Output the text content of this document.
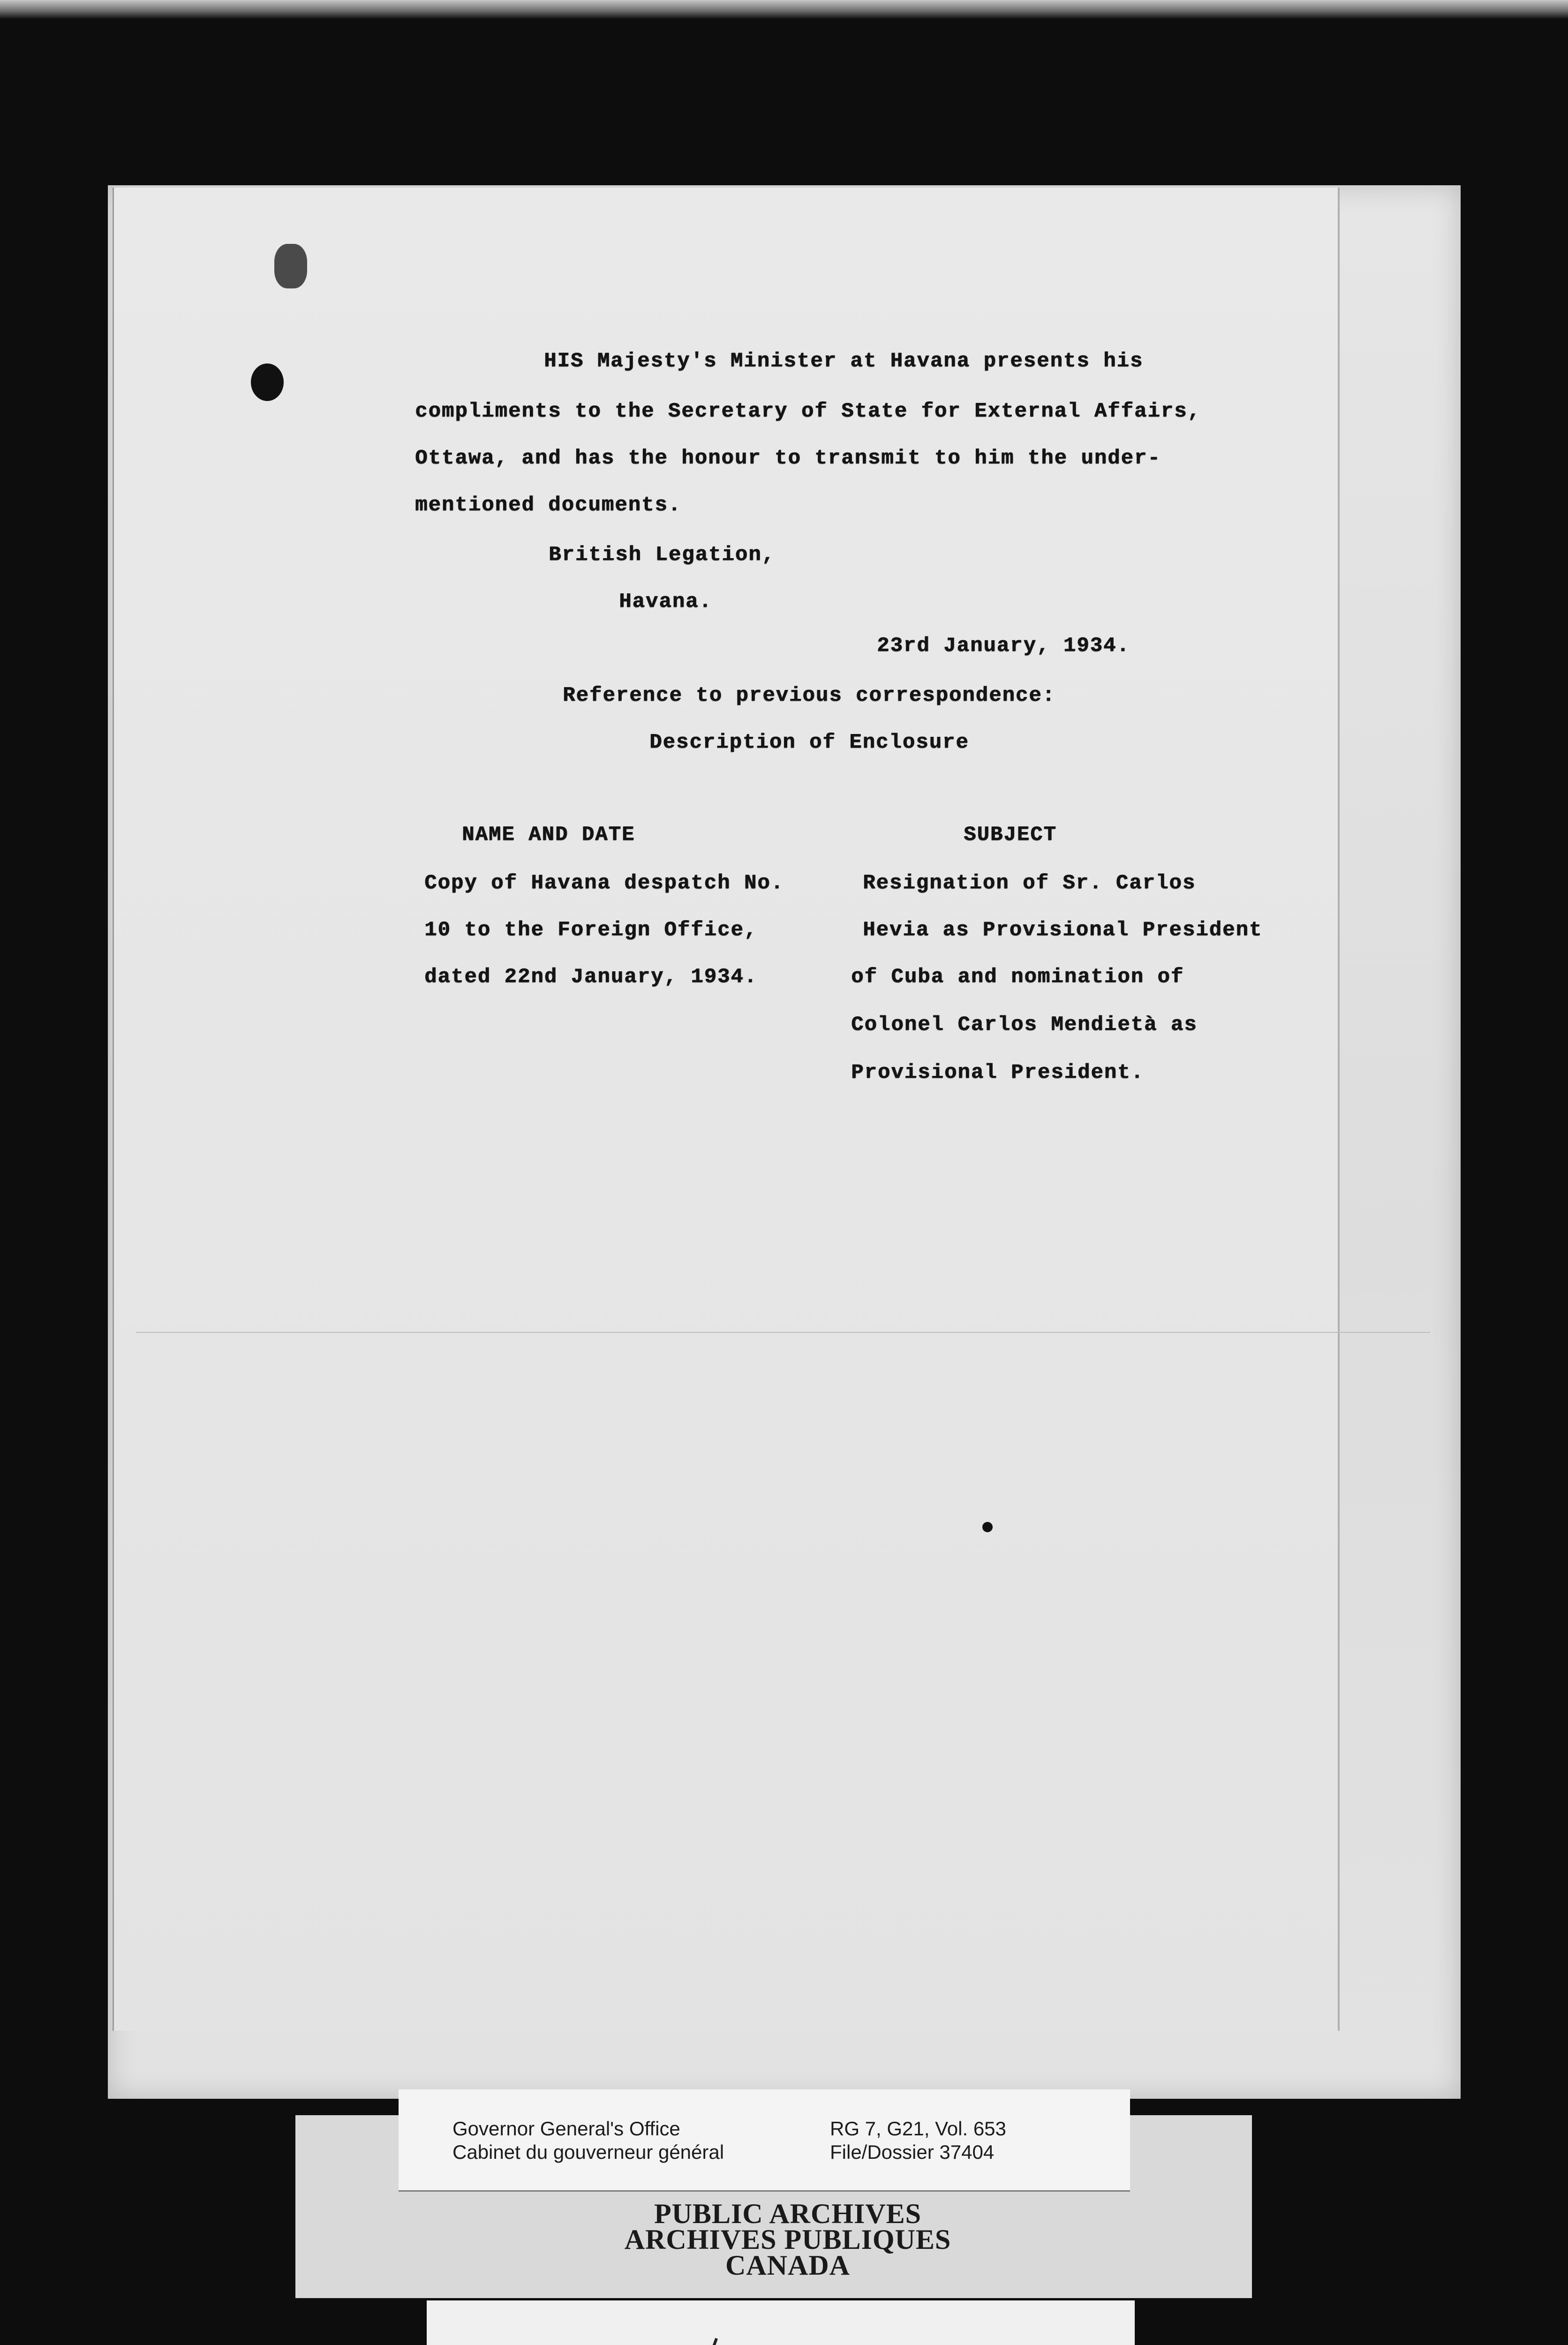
HIS Majesty's Minister at Havana presents his
compliments to the Secretary of State for External Affairs,
Ottawa, and has the honour to transmit to him the under-
mentioned documents.
British Legation,
Havana.
23rd January, 1934.
Reference to previous correspondence:
Description of Enclosure
NAME AND DATE	SUBJECT
Copy of Havana despatch No.
10 to the Foreign Office,
dated 22nd January, 1934.
Resignation of Sr. Carlos
Hevia as Provisional President
of Cuba and nomination of
Colonel Carlos Mendietà as
Provisional President.
Governor General's Office
Cabinet du gouverneur général
RG 7, G21, Vol. 653
File/Dossier 37404
PUBLIC ARCHIVES
ARCHIVES PUBLIQUES
CANADA
